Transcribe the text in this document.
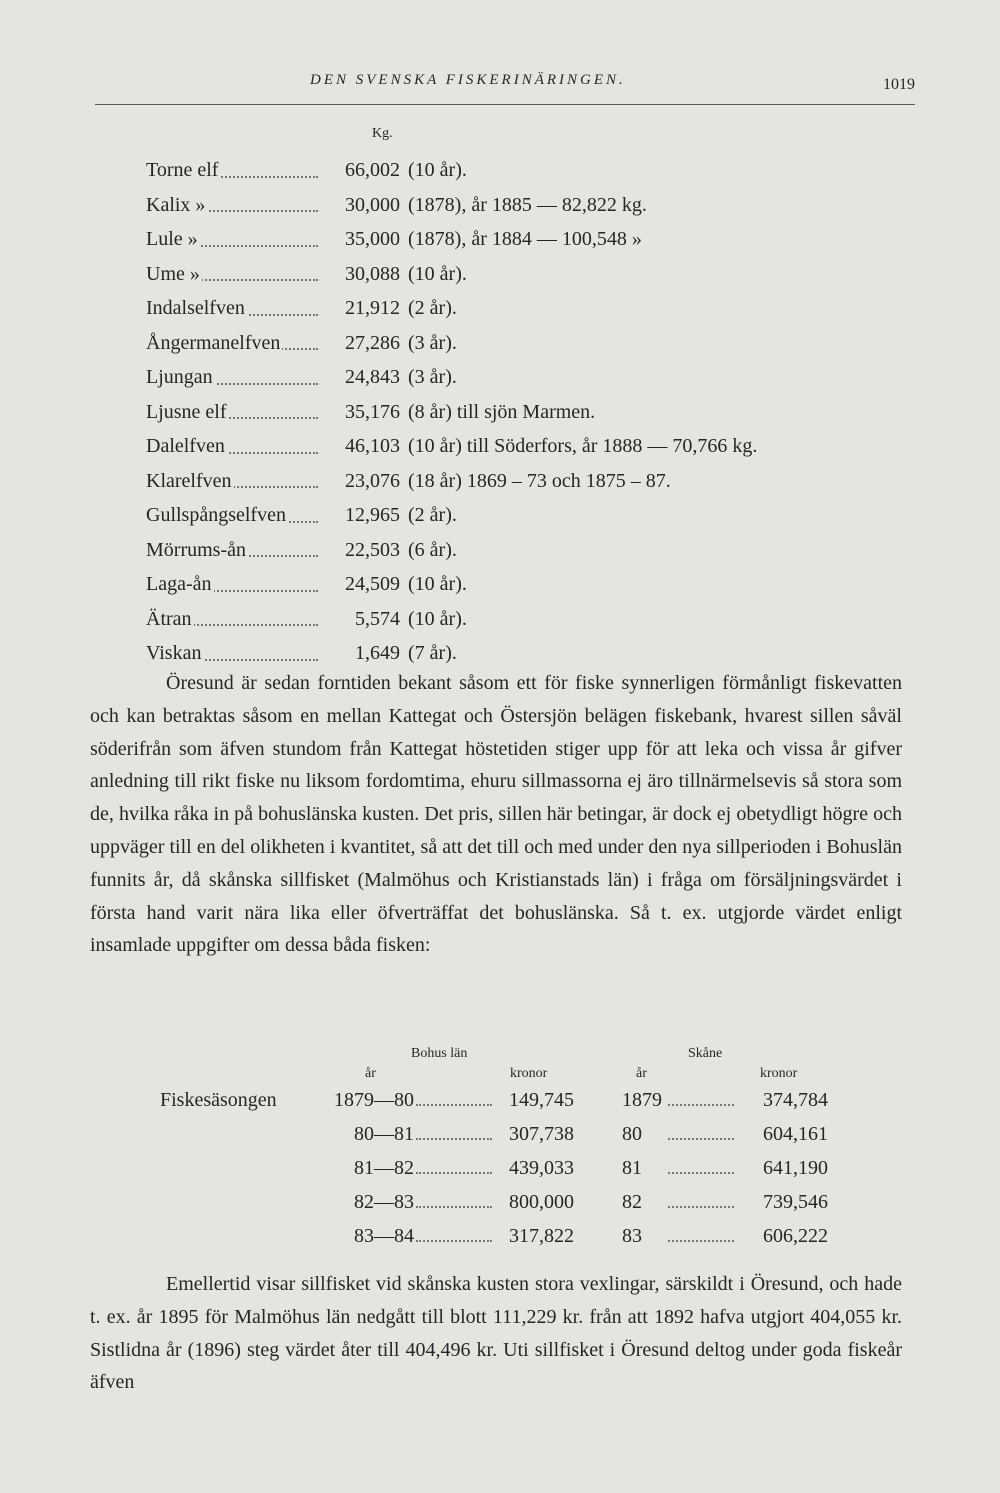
DEN SVENSKA FISKERINÄRINGEN.	1019
Kg.
Torne elf	66,002 (10 år).
Kalix »	30,000 (1878), år 1885 — 82,822 kg.
Lule »	35,000 (1878), år 1884 — 100,548 »
Ume »	30,088 (10 år).
Indalselfven	21,912 (2 år).
Ångermanelfven	27,286 (3 år).
Ljungan	24,843 (3 år).
Ljusne elf	35,176 (8 år) till sjön Marmen.
Dalelfven	46,103 (10 år) till Söderfors, år 1888 — 70,766 kg.
Klarelfven	23,076 (18 år) 1869 – 73 och 1875 – 87.
Gullspångselfven	12,965 (2 år).
Mörrums-ån	22,503 (6 år).
Laga-ån	24,509 (10 år).
Ätran	5,574 (10 år).
Viskan	1,649 (7 år).

Öresund är sedan forntiden bekant såsom ett för fiske synnerligen förmånligt fiskevatten och kan betraktas såsom en mellan Kattegat och Östersjön belägen fiskebank, hvarest sillen såväl söderifrån som äfven stundom från Kattegat höstetiden stiger upp för att leka och vissa år gifver anledning till rikt fiske nu liksom fordomtima, ehuru sillmassorna ej äro tillnärmelsevis så stora som de, hvilka råka in på bohuslänska kusten. Det pris, sillen här betingar, är dock ej obetydligt högre och uppväger till en del olikheten i kvantitet, så att det till och med under den nya sillperioden i Bohuslän funnits år, då skånska sillfisket (Malmöhus och Kristianstads län) i fråga om försäljningsvärdet i första hand varit nära lika eller öfverträffat det bohuslänska. Så t. ex. utgjorde värdet enligt insamlade uppgifter om dessa båda fisken:

Bohus län	Skåne
år	kronor	år	kronor
Fiskesäsongen	1879—80	149,745 1879	374,784
80—81	307,738 80	604,161
81—82	439,033 81	641,190
82—83	800,000 82	739,546
83—84	317,822 83	606,222

Emellertid visar sillfisket vid skånska kusten stora vexlingar, särskildt i Öresund, och hade t. ex. år 1895 för Malmöhus län nedgått till blott 111,229 kr. från att 1892 hafva utgjort 404,055 kr. Sistlidna år (1896) steg värdet åter till 404,496 kr. Uti sillfisket i Öresund deltog under goda fiskeår äfven
